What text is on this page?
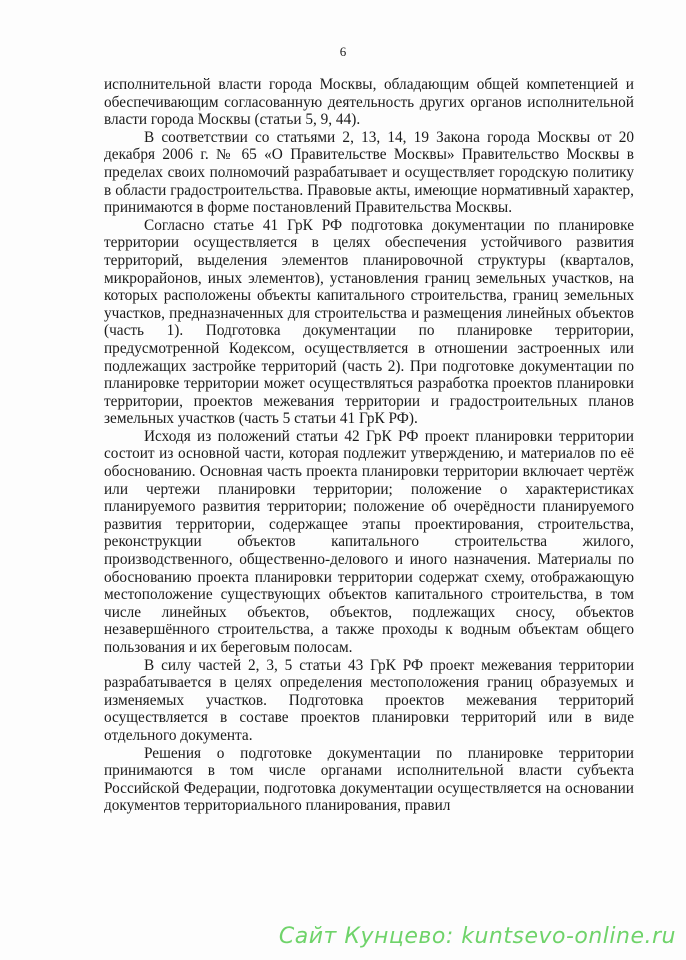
6

исполнительной власти города Москвы, обладающим общей компетенцией и обеспечивающим согласованную деятельность других органов исполнительной власти города Москвы (статьи 5, 9, 44).

В соответствии со статьями 2, 13, 14, 19 Закона города Москвы от 20 декабря 2006 г. № 65 «О Правительстве Москвы» Правительство Москвы в пределах своих полномочий разрабатывает и осуществляет городскую политику в области градостроительства. Правовые акты, имеющие нормативный характер, принимаются в форме постановлений Правительства Москвы.

Согласно статье 41 ГрК РФ подготовка документации по планировке территории осуществляется в целях обеспечения устойчивого развития территорий, выделения элементов планировочной структуры (кварталов, микрорайонов, иных элементов), установления границ земельных участков, на которых расположены объекты капитального строительства, границ земельных участков, предназначенных для строительства и размещения линейных объектов (часть 1). Подготовка документации по планировке территории, предусмотренной Кодексом, осуществляется в отношении застроенных или подлежащих застройке территорий (часть 2). При подготовке документации по планировке территории может осуществляться разработка проектов планировки территории, проектов межевания территории и градостроительных планов земельных участков (часть 5 статьи 41 ГрК РФ).

Исходя из положений статьи 42 ГрК РФ проект планировки территории состоит из основной части, которая подлежит утверждению, и материалов по её обоснованию. Основная часть проекта планировки территории включает чертёж или чертежи планировки территории; положение о характеристиках планируемого развития территории; положение об очерёдности планируемого развития территории, содержащее этапы проектирования, строительства, реконструкции объектов капитального строительства жилого, производственного, общественно-делового и иного назначения. Материалы по обоснованию проекта планировки территории содержат схему, отображающую местоположение существующих объектов капитального строительства, в том числе линейных объектов, объектов, подлежащих сносу, объектов незавершённого строительства, а также проходы к водным объектам общего пользования и их береговым полосам.

В силу частей 2, 3, 5 статьи 43 ГрК РФ проект межевания территории разрабатывается в целях определения местоположения границ образуемых и изменяемых участков. Подготовка проектов межевания территорий осуществляется в составе проектов планировки территорий или в виде отдельного документа.

Решения о подготовке документации по планировке территории принимаются в том числе органами исполнительной власти субъекта Российской Федерации, подготовка документации осуществляется на основании документов территориального планирования, правил

Сайт Кунцево: kuntsevo-online.ru
